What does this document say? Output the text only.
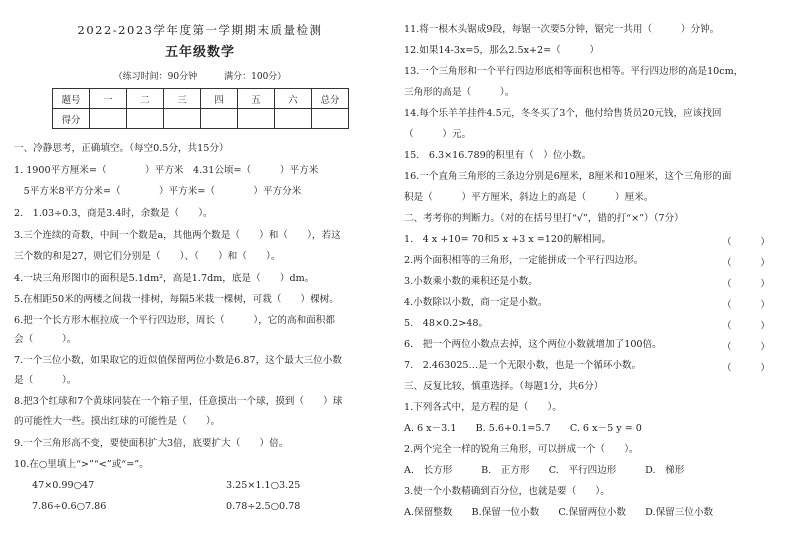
2022-2023学年度第一学期期末质量检测
五年级数学
（练习时间：90分钟　　　满分：100分）
题号	一	二	三	四	五	六	总分
得分							
一、冷静思考，正确填空。（每空0.5分，共15分）
1. 1900平方厘米=（　　　　）平方米　4.31公顷=（　　　）平方米
　5平方米8平方分米=（　　　　）平方米=（　　　　）平方分米
2.　1.03÷0.3，商是3.4时，余数是（　　）。
3.三个连续的奇数，中间一个数是a，其他两个数是（　　）和（　　），若这
三个数的和是27，则它们分别是（　　）、（　　）和（　　）。
4.一块三角形图巾的面积是5.1dm²，高是1.7dm，底是（　　）dm。
5.在相距50米的两楼之间栽一排树，每隔5米栽一棵树，可栽（　　）棵树。
6.把一个长方形木框拉成一个平行四边形，周长（　　　），它的高和面积都
会（　　　）。
7.一个三位小数，如果取它的近似值保留两位小数是6.87，这个最大三位小数
是（　　　）。
8.把3个红球和7个黄球同装在一个箱子里，任意摸出一个球，摸到（　　）球
的可能性大一些。摸出红球的可能性是（　　）。
9.一个三角形高不变，要使面积扩大3倍，底要扩大（　　）倍。
10.在○里填上“>”“<”或“=”。
47×0.99○47	3.25×1.1○3.25
7.86÷0.6○7.86	0.78÷2.5○0.78
11.将一根木头锯成9段，每锯一次要5分钟，锯完一共用（　　　）分钟。
12.如果14-3x=5，那么2.5x+2=（　　　）
13.一个三角形和一个平行四边形底相等面积也相等。平行四边形的高是10cm，
三角形的高是（　　　）。
14.每个乐羊羊挂件4.5元，冬冬买了3个，他付给售货员20元钱，应该找回
（　　　）元。
15.　6.3×16.789的积里有（　）位小数。
16.一个直角三角形的三条边分别是6厘米，8厘米和10厘米，这个三角形的面
积是（　　　）平方厘米，斜边上的高是（　　　）厘米。
二、考考你的判断力。（对的在括号里打“√”，错的打“×”）（7分）
1.　4 x +10= 70和5 x +3 x =120的解相同。	（　　　）
2.两个面积相等的三角形，一定能拼成一个平行四边形。	（　　　）
3.小数乘小数的乘积还是小数。	（　　　）
4.小数除以小数，商一定是小数。	（　　　）
5.　48×0.2>48。	（　　　）
6.　把一个两位小数点去掉，这个两位小数就增加了100倍。	（　　　）
7.　2.463025…是一个无限小数，也是一个循环小数。	（　　　）
三、反复比较，慎重选择。（每题1分，共6分）
1.下列各式中，是方程的是（　　）。
A. 6 x－3.1　　B. 5.6+0.1=5.7　　C. 6 x－5 y = 0
2.两个完全一样的锐角三角形，可以拼成一个（　　）。
A.　长方形　　　B.　正方形　　C.　平行四边形　　　D.　梯形
3.使一个小数精确到百分位，也就是要（　　）。
A.保留整数　　B.保留一位小数　　C.保留两位小数　　D.保留三位小数
